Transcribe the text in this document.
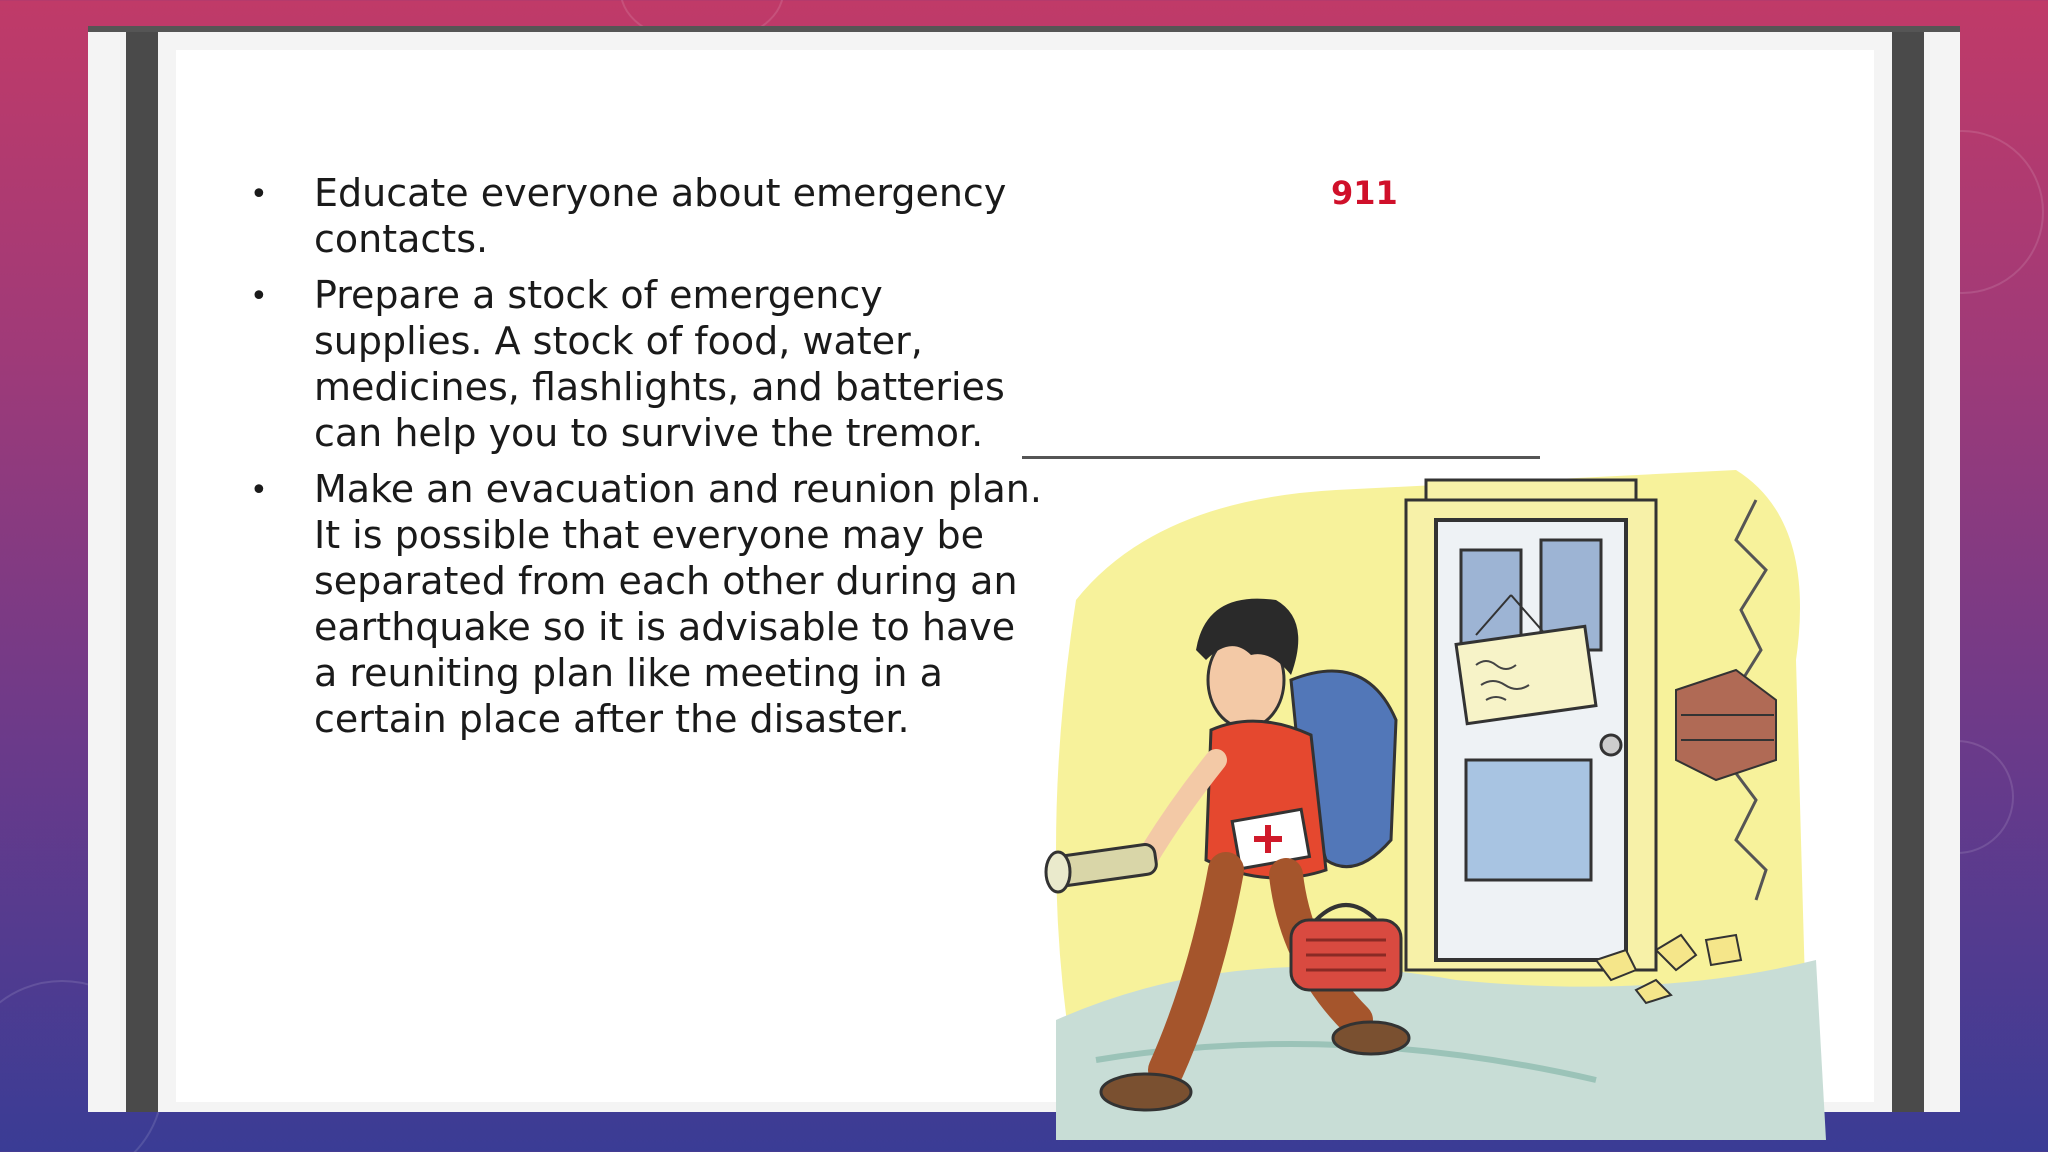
• Educate everyone about emergency contacts.
• Prepare a stock of emergency supplies. A stock of food, water, medicines, flashlights, and batteries can help you to survive the tremor.
• Make an evacuation and reunion plan. It is possible that everyone may be separated from each other during an earthquake so it is advisable to have a reuniting plan like meeting in a certain place after the disaster.
911
